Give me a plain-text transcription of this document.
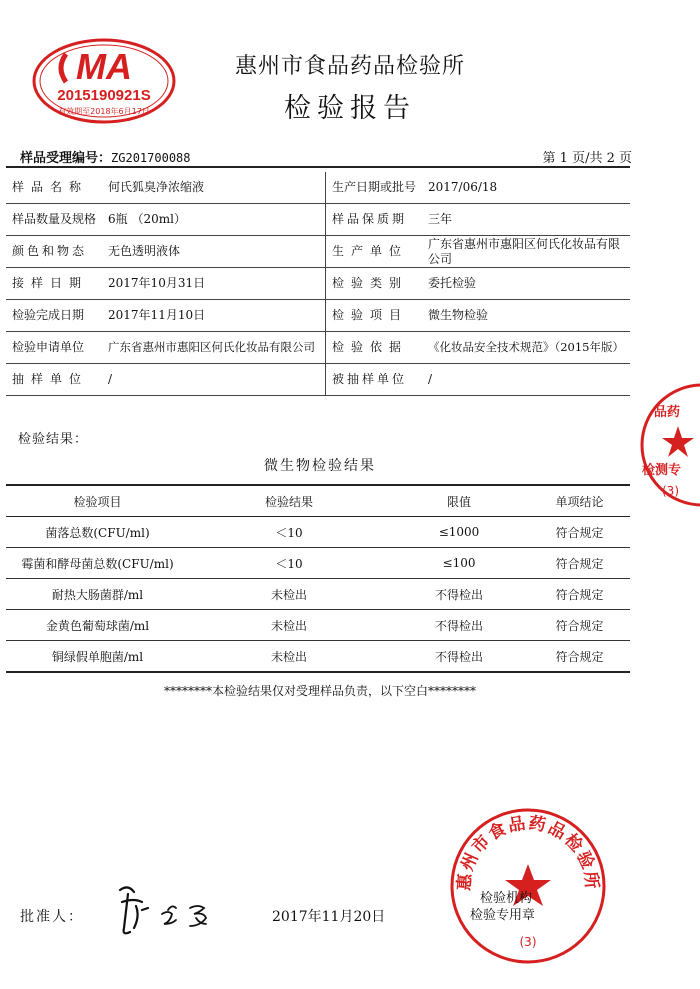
MA
2015190921S
有效期至2018年6月17日
品药
检测专
(3)
惠州市食品药品检验所
(3)
惠州市食品药品检验所
检验报告
样品受理编号：ZG201700088	第 1 页/共 2 页
样品名称	何氏狐臭净浓缩液	生产日期或批号	2017/06/18
样品数量及规格	6瓶 （20ml）	样品保质期	三年
颜色和物态	无色透明液体	生产单位	广东省惠州市惠阳区何氏化妆品有限公司
接样日期	2017年10月31日	检验类别	委托检验
检验完成日期	2017年11月10日	检验项目	微生物检验
检验申请单位	广东省惠州市惠阳区何氏化妆品有限公司	检验依据	《化妆品安全技术规范》（2015年版）
抽样单位	/	被抽样单位	/
检验结果：
微生物检验结果
检验项目	检验结果	限值	单项结论
菌落总数(CFU/ml)	＜10	≤1000	符合规定
霉菌和酵母菌总数(CFU/ml)	＜10	≤100	符合规定
耐热大肠菌群/ml	未检出	不得检出	符合规定
金黄色葡萄球菌/ml	未检出	不得检出	符合规定
铜绿假单胞菌/ml	未检出	不得检出	符合规定
********本检验结果仅对受理样品负责，以下空白********
批准人：	2017年11月20日
检验机构
检验专用章
